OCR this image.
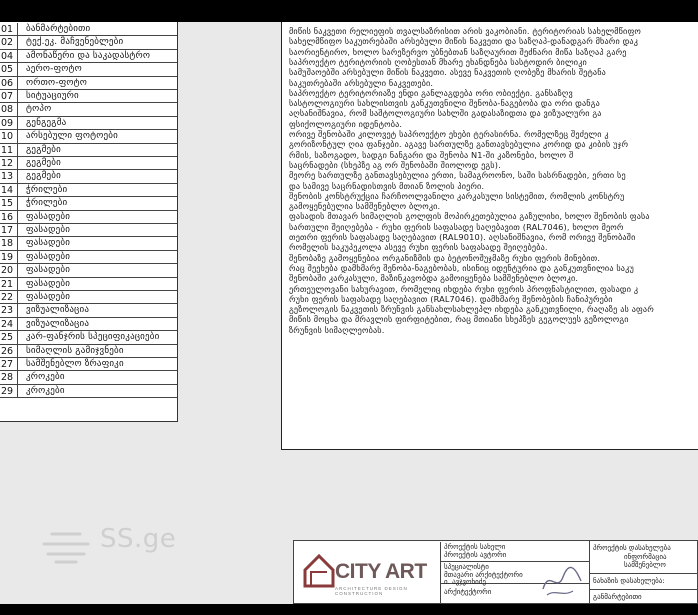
01	ბანმარტებითი
02	ტექ.ეკ. მაჩვენებლები
04	ამონაწერი და საკადასტრო
05	აერო-ფოტო
06	ორთო-ფოტო
07	სიტუაციური
08	ტოპო
09	გენგეგმა
10	არსებული ფოტოები
11	გეგმები
12	გეგმები
13	გეგმები
14	ჭრილები
15	ჭრილები
16	ფასადები
17	ფასადები
18	ფასადები
19	ფასადები
20	ფასადები
21	ფასადები
22	ფასადები
23	ვიზუალიზაცია
24	ვიზუალიზაცია
25	კარ-ფანჯრის სპეციფიკაციები
26	სიმაღლის გამიჯვნები
27	სამშენებლო ზრაფიკი
28	კროკები
29	კროკები
მიწის ნაკვეთი რელიეფის თვალსაზრისით არის ვაკობიანი. ტერიტორიას სახელმწიფო
სახელმწიფო საკუთრებაში არსებული მიწის ნაკვეთი და საზღაპ-დანადგარ მხარი დაკ
საორიენტირო, ხოლო სარეზერვო უბნებთან საზღაურით შეძნარი მიწა საზღაპ გარე
საპროექტო ტერიტორიის ღობესთან მხარე ეხანდნება სასტოდირ ბილიკი
სამუშაოებში არსებული მიწის ნაკვეთი. ასევე ნაკვეთის ღობეზე მხარის შეტანა
საკუთრებაში არსებული ნაკვეთები.
საპროექტო ტერიტორიაზე ენდი განლაგდება ორი ობიექტი. განსაზღვ
სასტოლოგიური სახლისთვის განკუთვნილი შენობა-ნაგებობა და ორი დანგა
აღსანიშნავია, რომ საშტოლოგიური სახლში გადასაზიდთა და ვიზუალური გა
ფსიქოლოგიური იდენტობა.
ორივე შენობაში კილოვეტ საპროექტო ეხები ტერასირნა. რომელზეც შეძელი კ
გორიზონტულ ღია ფანჯები. აგავე სართულზე განთავსებულია კორიდ და კიბის უჯრ
რმის, საზოგადო, სადგი ნანგარი და შენობა N1-ში კაზონები, ხოლო შ
საცრნადები (სხეპზე აგ ორ შენობაში შიოლოდ ეგს).
მეორე სართულზე განთავსებულია ერთი, სამაგროონო, საში სასრნადები, ერთი სე
და სამივე საცრნადისთვის მთიან ზოლის პიერი.
შენობის კონსტრუქცია ჩარჩოოლვანილი კარკასული სისტემით, რომლის კონსტრუ
გამოყენებულია სამშენებლო ბლოკი.
ფასადის მთავარ სიმაღლის გოლფის მოპირკეთებულია გაზულიხი, ხოლო შენობის ფასა
სართული შეიღებება - რუხი ფერის საფასადე საღებავით (RAL7046), ხოლო მეორ
თეთრი ფერის საფასადე საღებავით (RAL9010). აღსანიშნავია, რომ ორივე შენობაში
რომელის საკუპეკოლა ასევე რუხი ფერის საფასადე შეიღებება.
შენობაზე გამოყენებია ორგანიზმის და ბეტონოშუჯმაზე რუხი ფერის მინებით.
რაც შეეხება დამხმარე შენობა-ნაგებობას, ისინიც იდენტურია და განკუთვნილია საკუ
შენობაში კარკასული, მაზინკავობდა გამოიყენება სამშენებლო ბლოკი.
ერთეულოვანი სახურავით, რომელიც იხდება რუხი ფერის პროფნასტილით, ფასადი კ
რუხი ფერის საფასადე საღებავით (RAL7046). დამხმარე შენობების ჩანიპურები
გეზოლოგის ნაკვეთის ზრუნვის განსახლსახლეპლ იხდება განკუთვნილი, რაღაზე ას აფარ
მიწის მოცხა და მრავლის ფირფიტებით, რაც მთიანი სხეპზეს გეგოლუეს გეზოლოგი
ზრუნვის სიმაღლეობას.
SS.ge
CITY ART
ARCHITECTURE DESIGN CONSTRUCTION
პროექტის სახელი
პროექტის ავტორი
სპეციალისტი
მთავარი არქიტექტორი
ი. ავჯვოხიძე
არქიტექტორი
პროექტის დასახელება
ინფორმაცია
სამშენებლო
ნახაზის დასახელება:
განმარტებითი
